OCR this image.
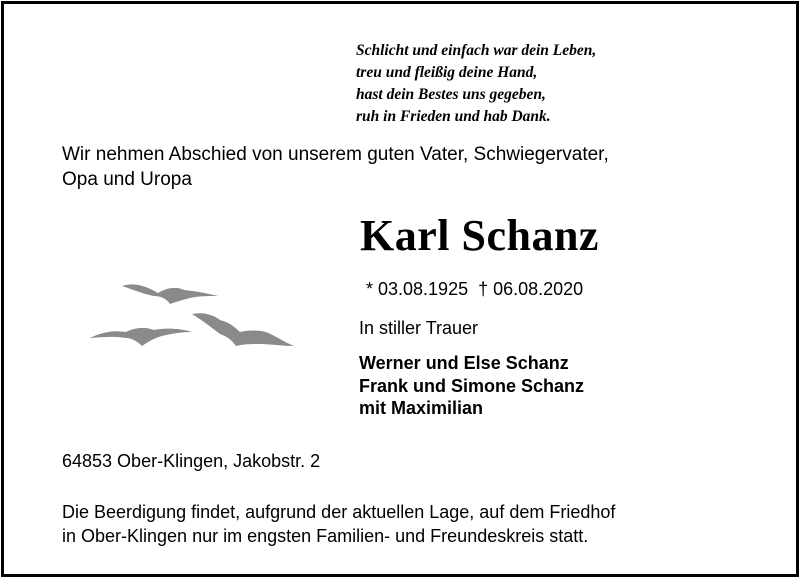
Schlicht und einfach war dein Leben,
treu und fleißig deine Hand,
hast dein Bestes uns gegeben,
ruh in Frieden und hab Dank.
Wir nehmen Abschied von unserem guten Vater, Schwiegervater,
Opa und Uropa
Karl Schanz
* 03.08.1925 † 06.08.2020
In stiller Trauer
Werner und Else Schanz
Frank und Simone Schanz
mit Maximilian
64853 Ober-Klingen, Jakobstr. 2
Die Beerdigung findet, aufgrund der aktuellen Lage, auf dem Friedhof
in Ober-Klingen nur im engsten Familien- und Freundeskreis statt.
